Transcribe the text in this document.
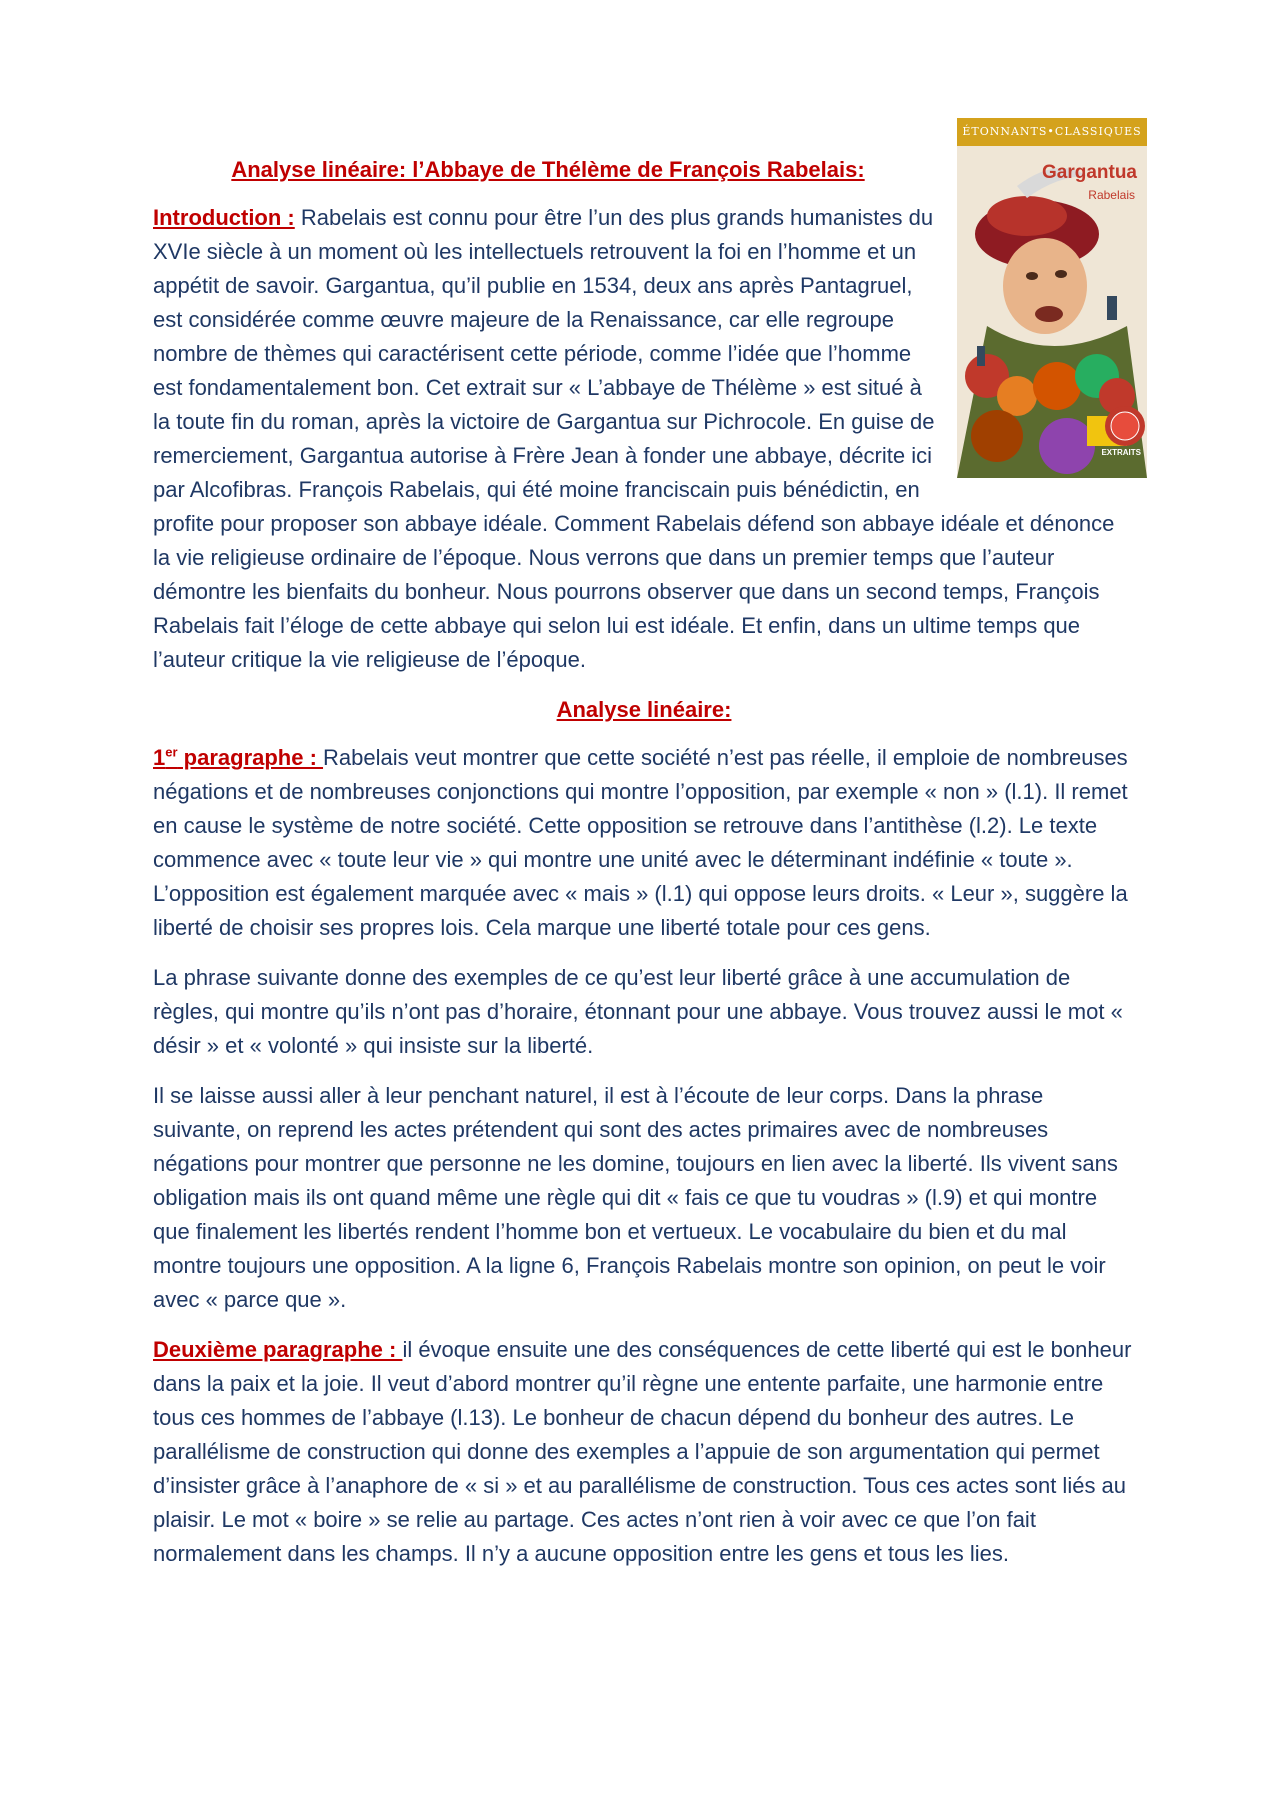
ÉTONNANTS•CLASSIQUES
Gargantua
Rabelais
EXTRAITS
Analyse linéaire: l’Abbaye de Thélème de François Rabelais:

Introduction : Rabelais est connu pour être l’un des plus grands humanistes du XVIe siècle à un moment où les intellectuels retrouvent la foi en l’homme et un appétit de savoir. Gargantua, qu’il publie en 1534, deux ans après Pantagruel, est considérée comme œuvre majeure de la Renaissance, car elle regroupe nombre de thèmes qui caractérisent cette période, comme l’idée que l’homme est fondamentalement bon. Cet extrait sur « L’abbaye de Thélème » est situé à la toute fin du roman, après la victoire de Gargantua sur Pichrocole. En guise de remerciement, Gargantua autorise à Frère Jean à fonder une abbaye, décrite ici par Alcofibras. François Rabelais, qui été moine franciscain puis bénédictin, en profite pour proposer son abbaye idéale. Comment Rabelais défend son abbaye idéale et dénonce la vie religieuse ordinaire de l’époque. Nous verrons que dans un premier temps que l’auteur démontre les bienfaits du bonheur. Nous pourrons observer que dans un second temps, François Rabelais fait l’éloge de cette abbaye qui selon lui est idéale. Et enfin, dans un ultime temps que l’auteur critique la vie religieuse de l’époque.

Analyse linéaire:

1er paragraphe : Rabelais veut montrer que cette société n’est pas réelle, il emploie de nombreuses négations et de nombreuses conjonctions qui montre l’opposition, par exemple « non » (l.1). Il remet en cause le système de notre société. Cette opposition se retrouve dans l’antithèse (l.2). Le texte commence avec « toute leur vie » qui montre une unité avec le déterminant indéfinie « toute ». L’opposition est également marquée avec « mais » (l.1) qui oppose leurs droits. « Leur », suggère la liberté de choisir ses propres lois. Cela marque une liberté totale pour ces gens.

La phrase suivante donne des exemples de ce qu’est leur liberté grâce à une accumulation de règles, qui montre qu’ils n’ont pas d’horaire, étonnant pour une abbaye. Vous trouvez aussi le mot « désir » et « volonté » qui insiste sur la liberté.

Il se laisse aussi aller à leur penchant naturel, il est à l’écoute de leur corps. Dans la phrase suivante, on reprend les actes prétendent qui sont des actes primaires avec de nombreuses négations pour montrer que personne ne les domine, toujours en lien avec la liberté. Ils vivent sans obligation mais ils ont quand même une règle qui dit « fais ce que tu voudras » (l.9) et qui montre que finalement les libertés rendent l’homme bon et vertueux. Le vocabulaire du bien et du mal montre toujours une opposition. A la ligne 6, François Rabelais montre son opinion, on peut le voir avec « parce que ».

Deuxième paragraphe : il évoque ensuite une des conséquences de cette liberté qui est le bonheur dans la paix et la joie. Il veut d’abord montrer qu’il règne une entente parfaite, une harmonie entre tous ces hommes de l’abbaye (l.13). Le bonheur de chacun dépend du bonheur des autres. Le parallélisme de construction qui donne des exemples a l’appuie de son argumentation qui permet d’insister grâce à l’anaphore de « si » et au parallélisme de construction. Tous ces actes sont liés au plaisir. Le mot « boire » se relie au partage. Ces actes n’ont rien à voir avec ce que l’on fait normalement dans les champs. Il n’y a aucune opposition entre les gens et tous les lies.
